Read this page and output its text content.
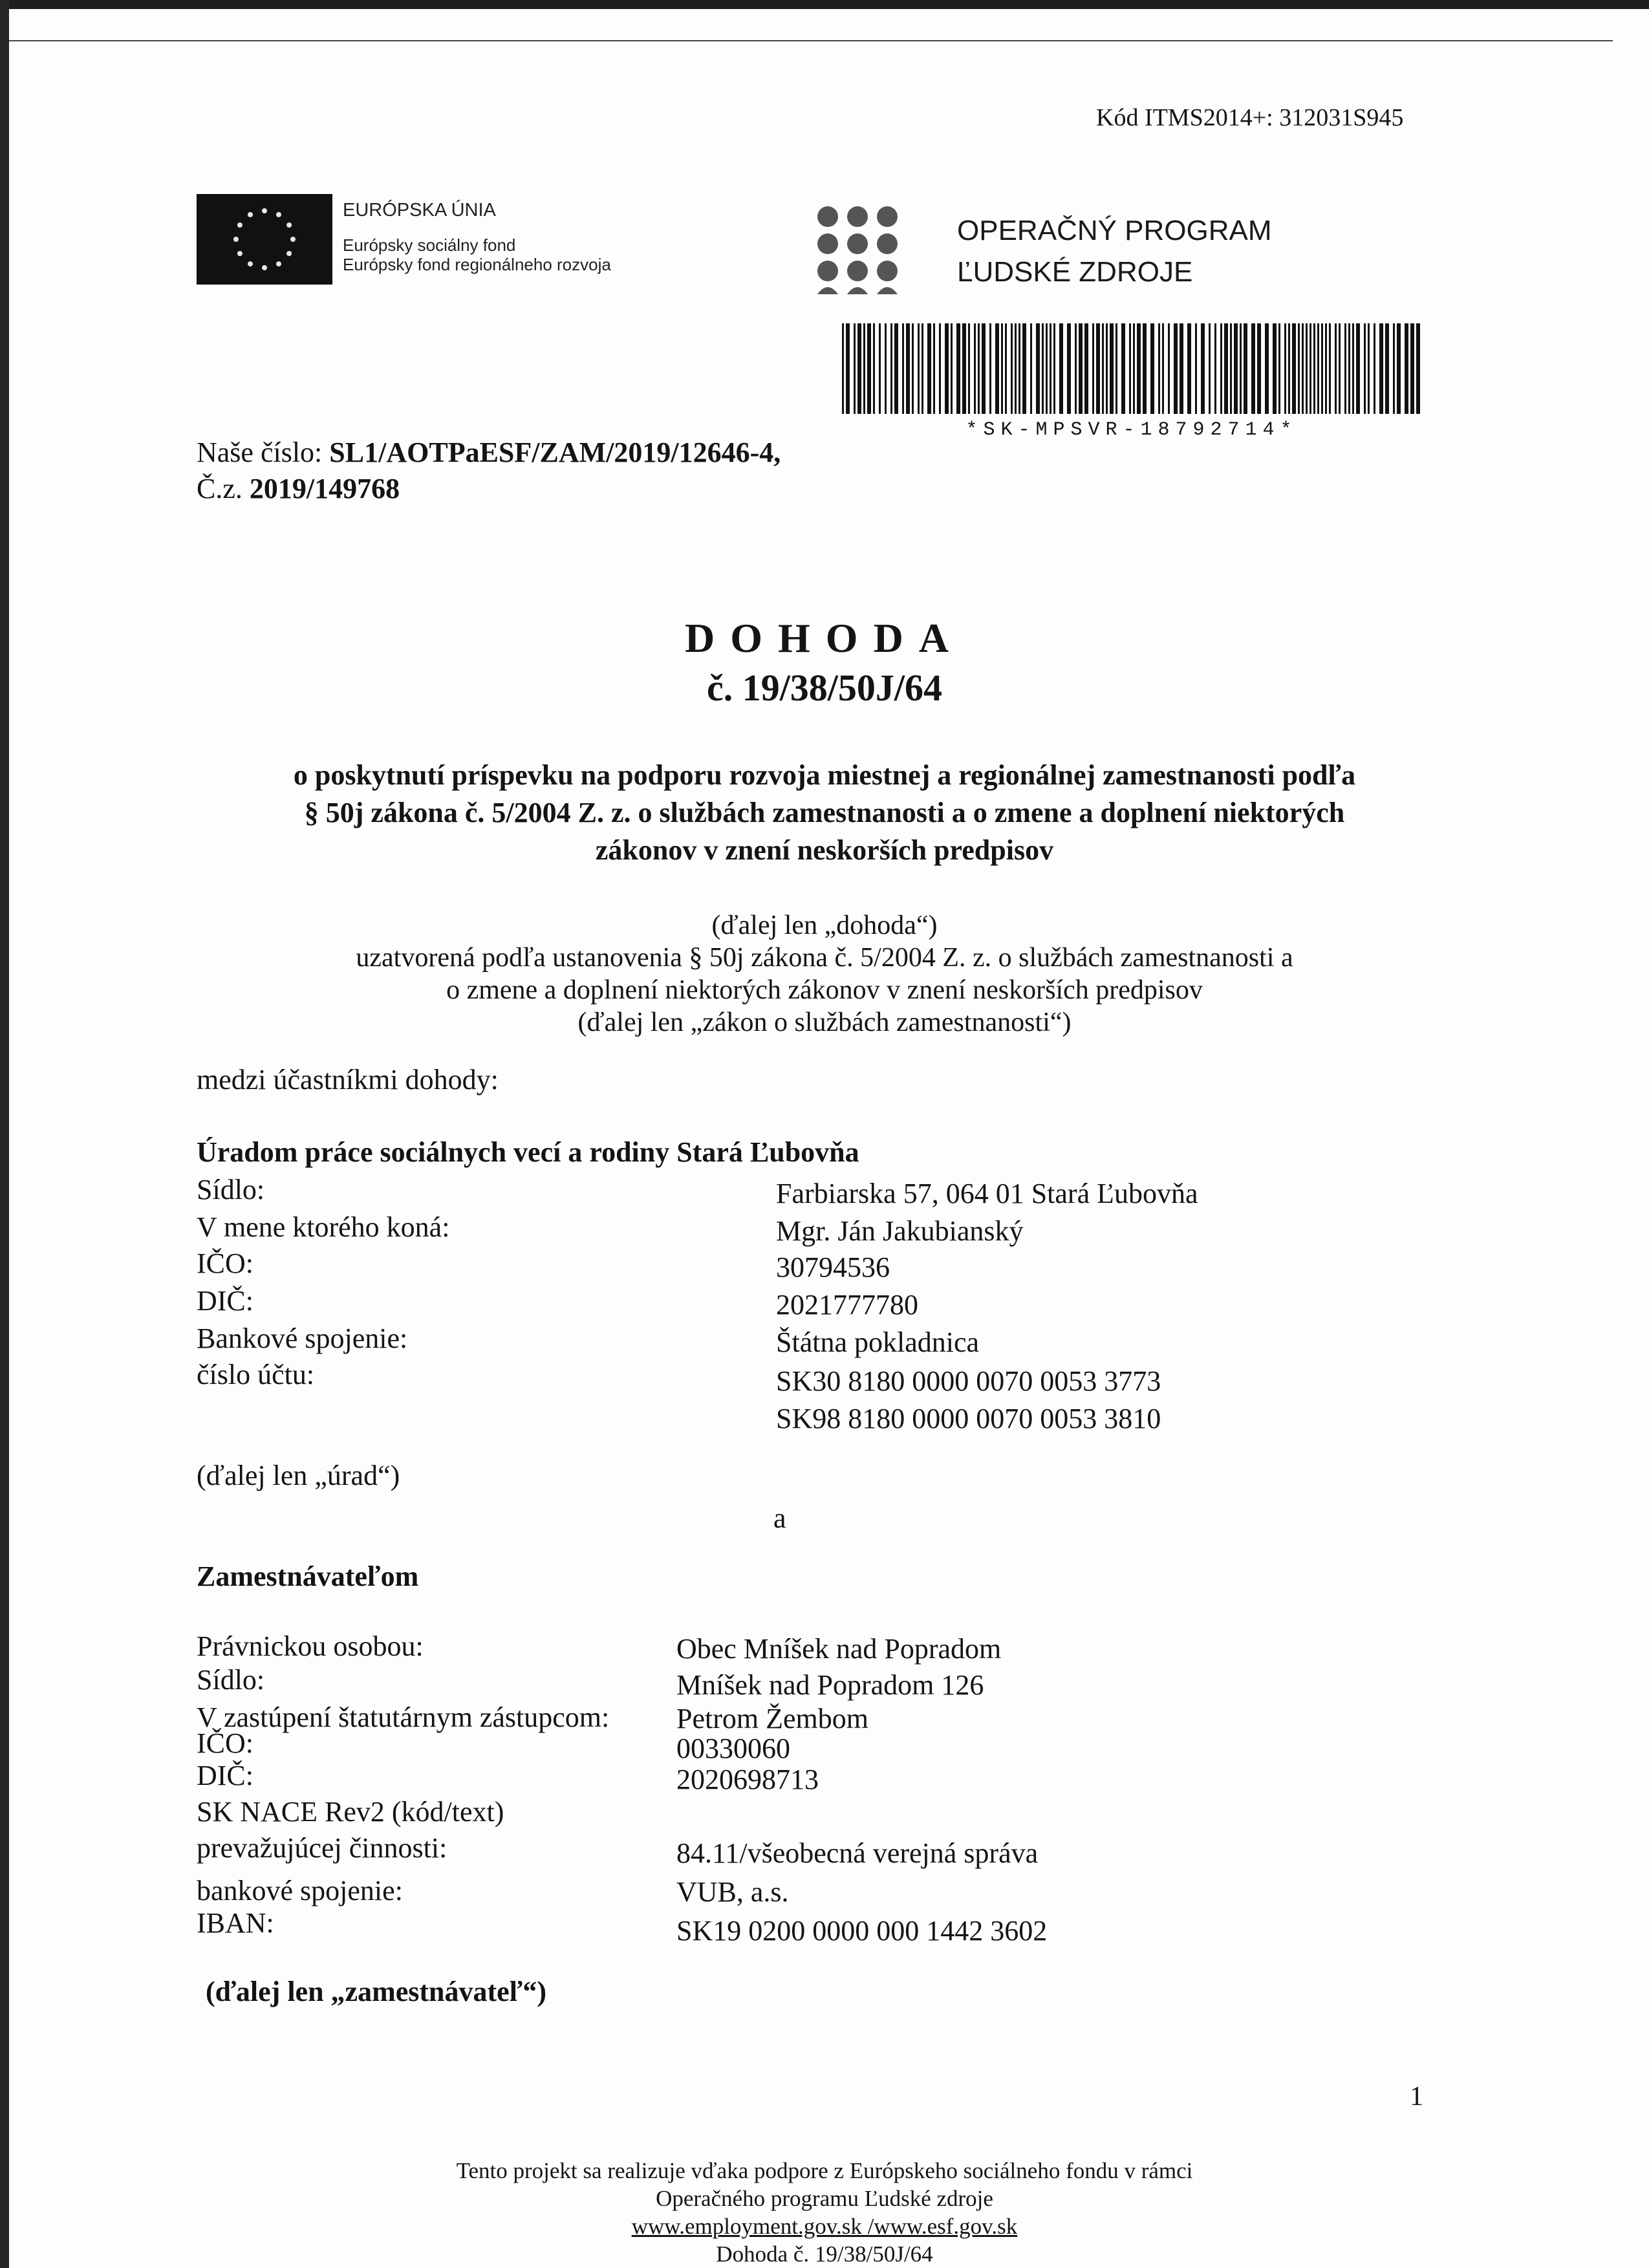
Kód ITMS2014+: 312031S945
EURÓPSKA ÚNIA
Európsky sociálny fond
Európsky fond regionálneho rozvoja
OPERAČNÝ PROGRAM
ĽUDSKÉ ZDROJE
*SK-MPSVR-18792714*
Naše číslo: SL1/AOTPaESF/ZAM/2019/12646-4,
Č.z. 2019/149768
DOHODA
č. 19/38/50J/64
o poskytnutí príspevku na podporu rozvoja miestnej a regionálnej zamestnanosti podľa
§ 50j zákona č. 5/2004 Z. z. o službách zamestnanosti a o zmene a doplnení niektorých
zákonov v znení neskorších predpisov
(ďalej len „dohoda“)
uzatvorená podľa ustanovenia § 50j zákona č. 5/2004 Z. z. o službách zamestnanosti a
o zmene a doplnení niektorých zákonov v znení neskorších predpisov
(ďalej len „zákon o službách zamestnanosti“)
medzi účastníkmi dohody:
Úradom práce sociálnych vecí a rodiny Stará Ľubovňa
Sídlo:	Farbiarska 57, 064 01 Stará Ľubovňa
V mene ktorého koná:	Mgr. Ján Jakubianský
IČO:	30794536
DIČ:	2021777780
Bankové spojenie:	Štátna pokladnica
číslo účtu:	SK30 8180 0000 0070 0053 3773
SK98 8180 0000 0070 0053 3810
(ďalej len „úrad“)
a
Zamestnávateľom
Právnickou osobou:	Obec Mníšek nad Popradom
Sídlo:	Mníšek nad Popradom 126
V zastúpení štatutárnym zástupcom: Petrom Žembom
IČO:	00330060
DIČ:	2020698713
SK NACE Rev2 (kód/text)
prevažujúcej činnosti:	84.11/všeobecná verejná správa
bankové spojenie:	VUB, a.s.
IBAN:	SK19 0200 0000 000 1442 3602
(ďalej len „zamestnávateľ“)
1
Tento projekt sa realizuje vďaka podpore z Európskeho sociálneho fondu v rámci
Operačného programu Ľudské zdroje
www.employment.gov.sk /www.esf.gov.sk
Dohoda č. 19/38/50J/64
